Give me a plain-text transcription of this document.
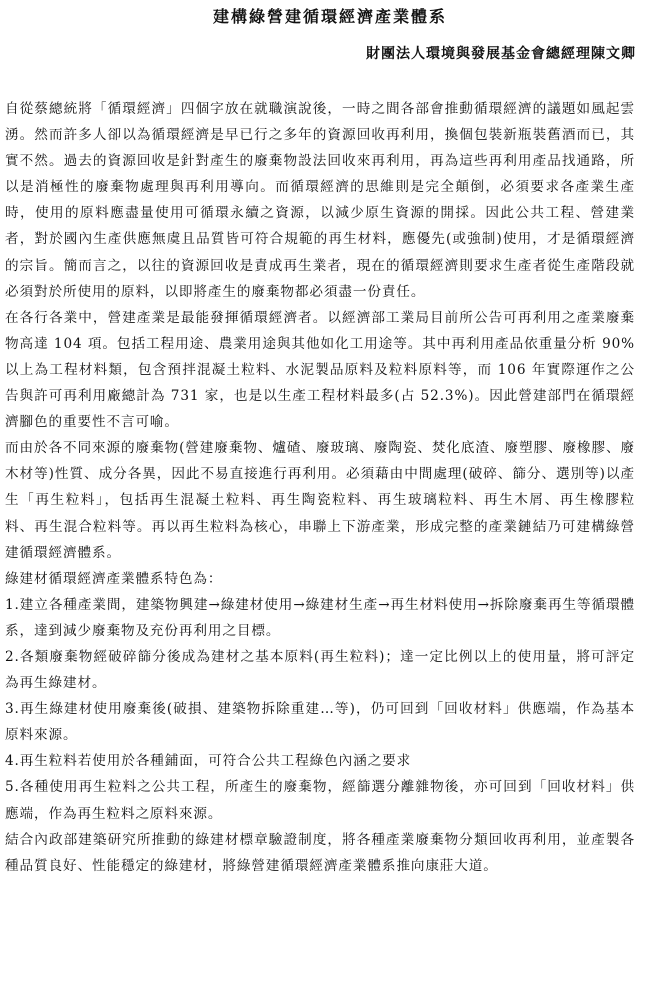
建構綠營建循環經濟產業體系
財團法人環境與發展基金會總經理陳文卿

自從蔡總統將「循環經濟」四個字放在就職演說後，一時之間各部會推動循環經濟的議題如風起雲湧。然而許多人卻以為循環經濟是早已行之多年的資源回收再利用，換個包裝新瓶裝舊酒而已，其實不然。過去的資源回收是針對產生的廢棄物設法回收來再利用，再為這些再利用產品找通路，所以是消極性的廢棄物處理與再利用導向。而循環經濟的思維則是完全顛倒，必須要求各產業生產時，使用的原料應盡量使用可循環永續之資源，以減少原生資源的開採。因此公共工程、營建業者，對於國內生產供應無虞且品質皆可符合規範的再生材料，應優先(或強制)使用，才是循環經濟的宗旨。簡而言之，以往的資源回收是責成再生業者，現在的循環經濟則要求生產者從生產階段就必須對於所使用的原料，以即將產生的廢棄物都必須盡一份責任。

在各行各業中，營建產業是最能發揮循環經濟者。以經濟部工業局目前所公告可再利用之產業廢棄物高達 104 項。包括工程用途、農業用途與其他如化工用途等。其中再利用產品依重量分析 90%以上為工程材料類，包含預拌混凝土粒料、水泥製品原料及粒料原料等，而 106 年實際運作之公告與許可再利用廠總計為 731 家，也是以生產工程材料最多(占 52.3%)。因此營建部門在循環經濟腳色的重要性不言可喻。

而由於各不同來源的廢棄物(營建廢棄物、爐碴、廢玻璃、廢陶瓷、焚化底渣、廢塑膠、廢橡膠、廢木材等)性質、成分各異，因此不易直接進行再利用。必須藉由中間處理(破碎、篩分、選別等)以產生「再生粒料」，包括再生混凝土粒料、再生陶瓷粒料、再生玻璃粒料、再生木屑、再生橡膠粒料、再生混合粒料等。再以再生粒料為核心，串聯上下游產業，形成完整的產業鏈結乃可建構綠營建循環經濟體系。

綠建材循環經濟產業體系特色為：

1.建立各種產業間，建築物興建→綠建材使用→綠建材生產→再生材料使用→拆除廢棄再生等循環體系，達到減少廢棄物及充份再利用之目標。

2.各類廢棄物經破碎篩分後成為建材之基本原料(再生粒料)；達一定比例以上的使用量，將可評定為再生綠建材。

3.再生綠建材使用廢棄後(破損、建築物拆除重建…等)，仍可回到「回收材料」供應端，作為基本原料來源。

4.再生粒料若使用於各種鋪面，可符合公共工程綠色內涵之要求

5.各種使用再生粒料之公共工程，所產生的廢棄物，經篩選分離雜物後，亦可回到「回收材料」供應端，作為再生粒料之原料來源。

結合內政部建築研究所推動的綠建材標章驗證制度，將各種產業廢棄物分類回收再利用，並產製各種品質良好、性能穩定的綠建材，將綠營建循環經濟產業體系推向康莊大道。
